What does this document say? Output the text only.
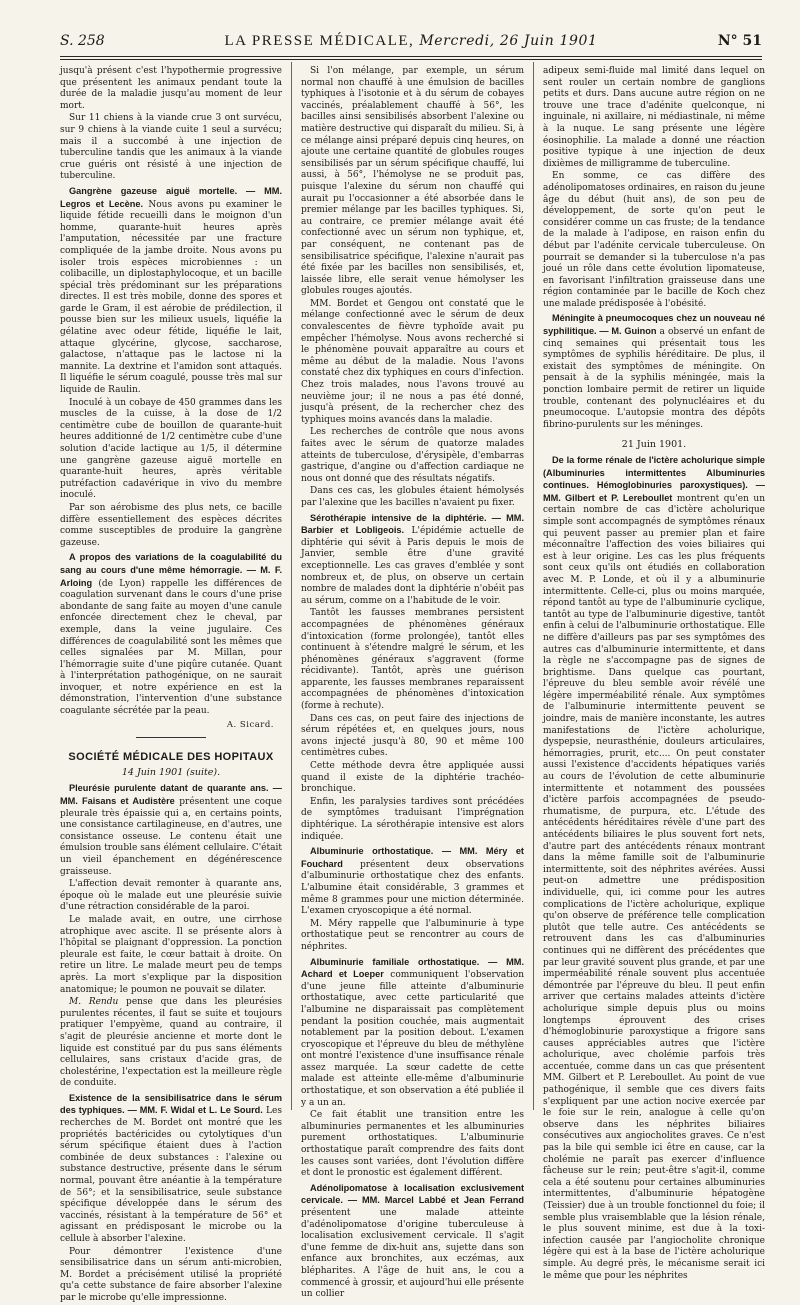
S. 258	LA PRESSE MÉDICALE, Mercredi, 26 Juin 1901	N° 51

jusqu'à présent c'est l'hypothermie progressive que présentent les animaux pendant toute la durée de la maladie jusqu'au moment de leur mort.

Sur 11 chiens à la viande crue 3 ont survécu, sur 9 chiens à la viande cuite 1 seul a survécu; mais il a succombé à une injection de tuberculine tandis que les animaux à la viande crue guéris ont résisté à une injection de tuberculine.

Gangrène gazeuse aiguë mortelle. — MM. Legros et Lecène. Nous avons pu examiner le liquide fétide recueilli dans le moignon d'un homme, quarante-huit heures après l'amputation, nécessitée par une fracture compliquée de la jambe droite. Nous avons pu isoler trois espèces microbiennes : un colibacille, un diplostaphylocoque, et un bacille spécial très prédominant sur les préparations directes. Il est très mobile, donne des spores et garde le Gram, il est aérobie de prédilection, il pousse bien sur les milieux usuels, liquéfie la gélatine avec odeur fétide, liquéfie le lait, attaque glycérine, glycose, saccharose, galactose, n'attaque pas le lactose ni la mannite. La dextrine et l'amidon sont attaqués. Il liquéfie le sérum coagulé, pousse très mal sur liquide de Raulin.

Inoculé à un cobaye de 450 grammes dans les muscles de la cuisse, à la dose de 1/2 centimètre cube de bouillon de quarante-huit heures additionné de 1/2 centimètre cube d'une solution d'acide lactique au 1/5, il détermine une gangrène gazeuse aiguë mortelle en quarante-huit heures, après véritable putréfaction cadavérique in vivo du membre inoculé.

Par son aérobisme des plus nets, ce bacille diffère essentiellement des espèces décrites comme susceptibles de produire la gangrène gazeuse.

A propos des variations de la coagulabilité du sang au cours d'une même hémorragie. — M. F. Arloing (de Lyon) rappelle les différences de coagulation survenant dans le cours d'une prise abondante de sang faite au moyen d'une canule enfoncée directement chez le cheval, par exemple, dans la veine jugulaire. Ces différences de coagulabilité sont les mêmes que celles signalées par M. Millan, pour l'hémorragie suite d'une piqûre cutanée. Quant à l'interprétation pathogénique, on ne saurait invoquer, et notre expérience en est la démonstration, l'intervention d'une substance coagulante sécrétée par la peau.

A. Sicard.
SOCIÉTÉ MÉDICALE DES HOPITAUX
14 Juin 1901 (suite).

Pleurésie purulente datant de quarante ans. — MM. Faisans et Audistère présentent une coque pleurale très épaissie qui a, en certains points, une consistance cartilagineuse, en d'autres, une consistance osseuse. Le contenu était une émulsion trouble sans élément cellulaire. C'était un vieil épanchement en dégénérescence graisseuse.

L'affection devait remonter à quarante ans, époque où le malade eut une pleurésie suivie d'une rétraction considérable de la paroi.

Le malade avait, en outre, une cirrhose atrophique avec ascite. Il se présente alors à l'hôpital se plaignant d'oppression. La ponction pleurale est faite, le cœur battait à droite. On retire un litre. Le malade meurt peu de temps après. La mort s'explique par la disposition anatomique; le poumon ne pouvait se dilater.

M. Rendu pense que dans les pleurésies purulentes récentes, il faut se suite et toujours pratiquer l'empyème, quand au contraire, il s'agit de pleurésie ancienne et morte dont le liquide est constitué par du pus sans éléments cellulaires, sans cristaux d'acide gras, de cholestérine, l'expectation est la meilleure règle de conduite.

Existence de la sensibilisatrice dans le sérum des typhiques. — MM. F. Widal et L. Le Sourd. Les recherches de M. Bordet ont montré que les propriétés bactéricides ou cytolytiques d'un sérum spécifique étaient dues à l'action combinée de deux substances : l'alexine ou substance destructive, présente dans le sérum normal, pouvant être anéantie à la température de 56°; et la sensibilisatrice, seule substance spécifique développée dans le sérum des vaccinés, résistant à la température de 56° et agissant en prédisposant le microbe ou la cellule à absorber l'alexine.

Pour démontrer l'existence d'une sensibilisatrice dans un sérum anti-microbien, M. Bordet a précisément utilisé la propriété qu'a cette substance de faire absorber l'alexine par le microbe qu'elle impressionne.

Si l'on mélange, par exemple, un sérum normal non chauffé à une émulsion de bacilles typhiques à l'isotonie et à du sérum de cobayes vaccinés, préalablement chauffé à 56°, les bacilles ainsi sensibilisés absorbent l'alexine ou matière destructive qui disparaît du milieu. Si, à ce mélange ainsi préparé depuis cinq heures, on ajoute une certaine quantité de globules rouges sensibilisés par un sérum spécifique chauffé, lui aussi, à 56°, l'hémolyse ne se produit pas, puisque l'alexine du sérum non chauffé qui aurait pu l'occasionner a été absorbée dans le premier mélange par les bacilles typhiques. Si, au contraire, ce premier mélange avait été confectionné avec un sérum non typhique, et, par conséquent, ne contenant pas de sensibilisatrice spécifique, l'alexine n'aurait pas été fixée par les bacilles non sensibilisés, et, laissée libre, elle serait venue hémolyser les globules rouges ajoutés.

MM. Bordet et Gengou ont constaté que le mélange confectionné avec le sérum de deux convalescentes de fièvre typhoïde avait pu empêcher l'hémolyse. Nous avons recherché si le phénomène pouvait apparaître au cours et même au début de la maladie. Nous l'avons constaté chez dix typhiques en cours d'infection. Chez trois malades, nous l'avons trouvé au neuvième jour; il ne nous a pas été donné, jusqu'à présent, de la rechercher chez des typhiques moins avancés dans la maladie.

Les recherches de contrôle que nous avons faites avec le sérum de quatorze malades atteints de tuberculose, d'érysipèle, d'embarras gastrique, d'angine ou d'affection cardiaque ne nous ont donné que des résultats négatifs.

Dans ces cas, les globules étaient hémolysés par l'alexine que les bacilles n'avaient pu fixer.

Sérothérapie intensive de la diphtérie. — MM. Barbier et Lobligeois. L'épidémie actuelle de diphtérie qui sévit à Paris depuis le mois de Janvier, semble être d'une gravité exceptionnelle. Les cas graves d'emblée y sont nombreux et, de plus, on observe un certain nombre de malades dont la diphtérie n'obéit pas au sérum, comme on a l'habitude de le voir.

Tantôt les fausses membranes persistent accompagnées de phénomènes généraux d'intoxication (forme prolongée), tantôt elles continuent à s'étendre malgré le sérum, et les phénomènes généraux s'aggravent (forme récidivante). Tantôt, après une guérison apparente, les fausses membranes reparaissent accompagnées de phénomènes d'intoxication (forme à rechute).

Dans ces cas, on peut faire des injections de sérum répétées et, en quelques jours, nous avons injecté jusqu'à 80, 90 et même 100 centimètres cubes.

Cette méthode devra être appliquée aussi quand il existe de la diphtérie trachéo-bronchique.

Enfin, les paralysies tardives sont précédées de symptômes traduisant l'imprégnation diphtérique. La sérothérapie intensive est alors indiquée.

Albuminurie orthostatique. — MM. Méry et Fouchard présentent deux observations d'albuminurie orthostatique chez des enfants. L'albumine était considérable, 3 grammes et même 8 grammes pour une miction déterminée. L'examen cryoscopique a été normal.

M. Méry rappelle que l'albuminurie à type orthostatique peut se rencontrer au cours de néphrites.

Albuminurie familiale orthostatique. — MM. Achard et Loeper communiquent l'observation d'une jeune fille atteinte d'albuminurie orthostatique, avec cette particularité que l'albumine ne disparaissait pas complètement pendant la position couchée, mais augmentait notablement par la position debout. L'examen cryoscopique et l'épreuve du bleu de méthylène ont montré l'existence d'une insuffisance rénale assez marquée. La sœur cadette de cette malade est atteinte elle-même d'albuminurie orthostatique, et son observation a été publiée il y a un an.

Ce fait établit une transition entre les albuminuries permanentes et les albuminuries purement orthostatiques. L'albuminurie orthostatique paraît comprendre des faits dont les causes sont variées, dont l'évolution diffère et dont le pronostic est également différent.

Adénolipomatose à localisation exclusivement cervicale. — MM. Marcel Labbé et Jean Ferrand présentent une malade atteinte d'adénolipomatose d'origine tuberculeuse à localisation exclusivement cervicale. Il s'agit d'une femme de dix-huit ans, sujette dans son enfance aux bronchites, aux eczémas, aux blépharites. A l'âge de huit ans, le cou a commencé à grossir, et aujourd'hui elle présente un collier

adipeux semi-fluide mal limité dans lequel on sent rouler un certain nombre de ganglions petits et durs. Dans aucune autre région on ne trouve une trace d'adénite quelconque, ni inguinale, ni axillaire, ni médiastinale, ni même à la nuque. Le sang présente une légère éosinophilie. La malade a donné une réaction positive typique à une injection de deux dixièmes de milligramme de tuberculine.

En somme, ce cas diffère des adénolipomatoses ordinaires, en raison du jeune âge du début (huit ans), de son peu de développement, de sorte qu'on peut le considérer comme un cas fruste; de la tendance de la malade à l'adipose, en raison enfin du début par l'adénite cervicale tuberculeuse. On pourrait se demander si la tuberculose n'a pas joué un rôle dans cette évolution lipomateuse, en favorisant l'infiltration graisseuse dans une région contaminée par le bacille de Koch chez une malade prédisposée à l'obésité.

Méningite à pneumocoques chez un nouveau né syphilitique. — M. Guinon a observé un enfant de cinq semaines qui présentait tous les symptômes de syphilis héréditaire. De plus, il existait des symptômes de méningite. On pensait à de la syphilis méningée, mais la ponction lombaire permit de retirer un liquide trouble, contenant des polynucléaires et du pneumocoque. L'autopsie montra des dépôts fibrino-purulents sur les méninges.

21 Juin 1901.

De la forme rénale de l'ictère acholurique simple (Albuminuries intermittentes Albuminuries continues. Hémoglobinuries paroxystiques). — MM. Gilbert et P. Lereboullet montrent qu'en un certain nombre de cas d'ictère acholurique simple sont accompagnés de symptômes rénaux qui peuvent passer au premier plan et faire méconnaître l'affection des voies biliaires qui est à leur origine. Les cas les plus fréquents sont ceux qu'ils ont étudiés en collaboration avec M. P. Londe, et où il y a albuminurie intermittente. Celle-ci, plus ou moins marquée, répond tantôt au type de l'albuminurie cyclique, tantôt au type de l'albuminurie digestive, tantôt enfin à celui de l'albuminurie orthostatique. Elle ne diffère d'ailleurs pas par ses symptômes des autres cas d'albuminurie intermittente, et dans la règle ne s'accompagne pas de signes de brightisme. Dans quelque cas pourtant, l'épreuve du bleu semble avoir révélé une légère imperméabilité rénale. Aux symptômes de l'albuminurie intermittente peuvent se joindre, mais de manière inconstante, les autres manifestations de l'ictère acholurique, dyspepsie, neurasthénie, douleurs articulaires, hémorragies, prurit, etc.... On peut constater aussi l'existence d'accidents hépatiques variés au cours de l'évolution de cette albuminurie intermittente et notamment des poussées d'ictère parfois accompagnées de pseudo-rhumatisme, de purpura, etc. L'étude des antécédents héréditaires révèle d'une part des antécédents biliaires le plus souvent fort nets, d'autre part des antécédents rénaux montrant dans la même famille soit de l'albuminurie intermittente, soit des néphrites avérées. Aussi peut-on admettre une prédisposition individuelle, qui, ici comme pour les autres complications de l'ictère acholurique, explique qu'on observe de préférence telle complication plutôt que telle autre. Ces antécédents se retrouvent dans les cas d'albuminuries continues qui ne diffèrent des précédentes que par leur gravité souvent plus grande, et par une imperméabilité rénale souvent plus accentuée démontrée par l'épreuve du bleu. Il peut enfin arriver que certains malades atteints d'ictère acholurique simple depuis plus ou moins longtemps éprouvent des crises d'hémoglobinurie paroxystique a frigore sans causes appréciables autres que l'ictère acholurique, avec cholémie parfois très accentuée, comme dans un cas que présentent MM. Gilbert et P. Lereboullet. Au point de vue pathogénique, il semble que ces divers faits s'expliquent par une action nocive exercée par le foie sur le rein, analogue à celle qu'on observe dans les néphrites biliaires consécutives aux angiocholites graves. Ce n'est pas la bile qui semble ici être en cause, car la cholémie ne paraît pas exercer d'influence fâcheuse sur le rein; peut-être s'agit-il, comme cela a été soutenu pour certaines albuminuries intermittentes, d'albuminurie hépatogène (Teissier) due à un trouble fonctionnel du foie; il semble plus vraisemblable que la lésion rénale, le plus souvent minime, est due à la toxi-infection causée par l'angiocholite chronique légère qui est à la base de l'ictère acholurique simple. Au degré près, le mécanisme serait ici le même que pour les néphrites
